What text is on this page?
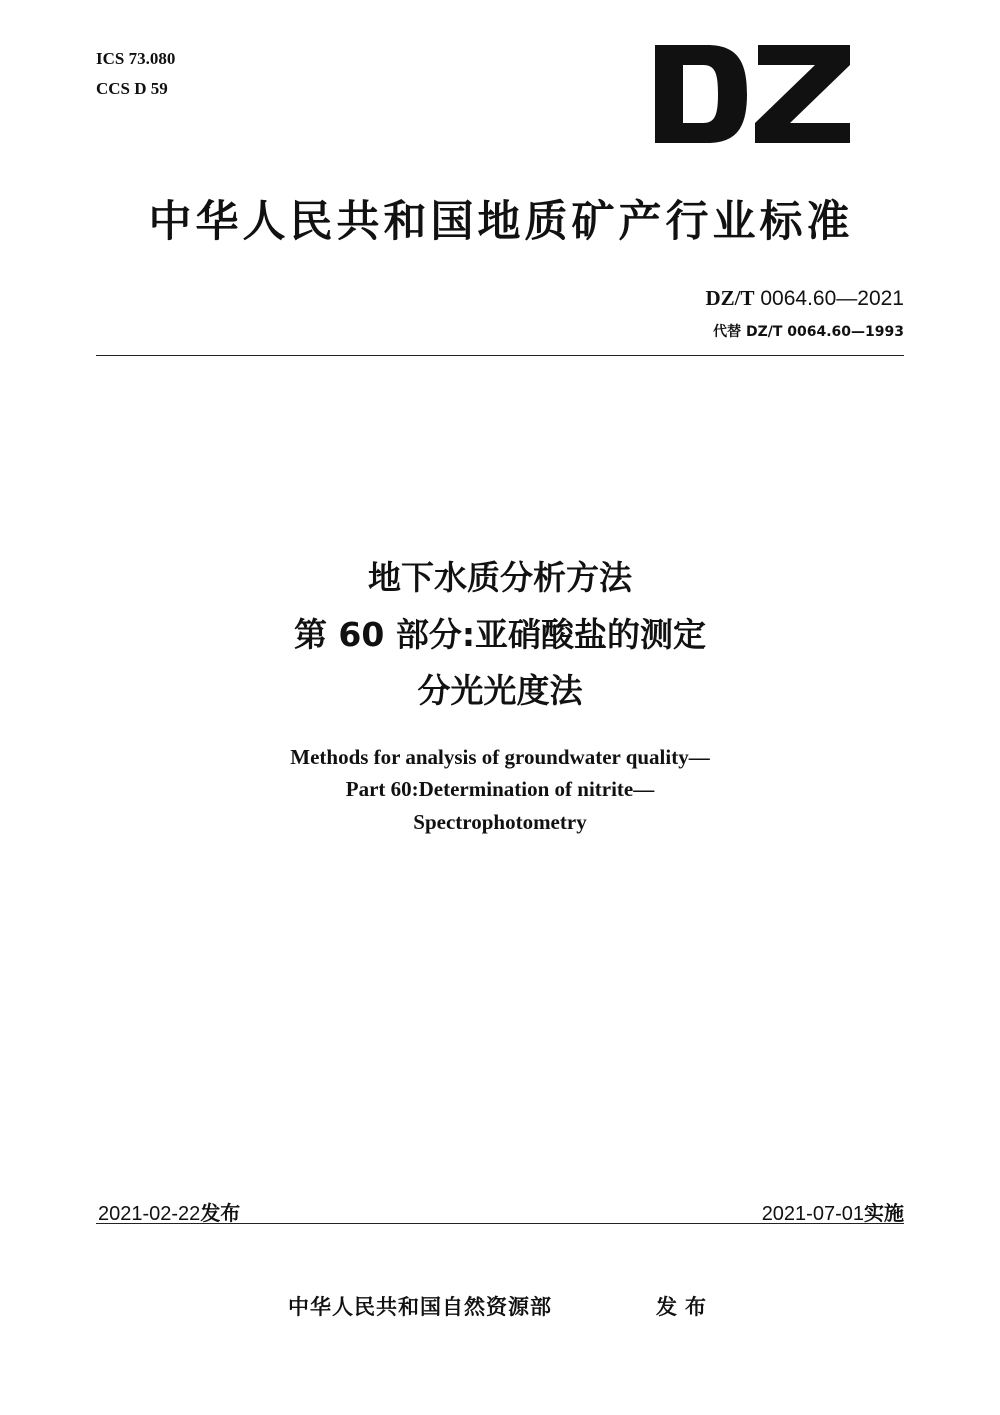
ICS 73.080
CCS D 59
中华人民共和国地质矿产行业标准
DZ/T 0064.60—2021
代替 DZ/T 0064.60—1993
地下水质分析方法
第 60 部分:亚硝酸盐的测定
分光光度法
Methods for analysis of groundwater quality—
Part 60:Determination of nitrite—
Spectrophotometry
2021-02-22发布	2021-07-01实施
中华人民共和国自然资源部	发布
